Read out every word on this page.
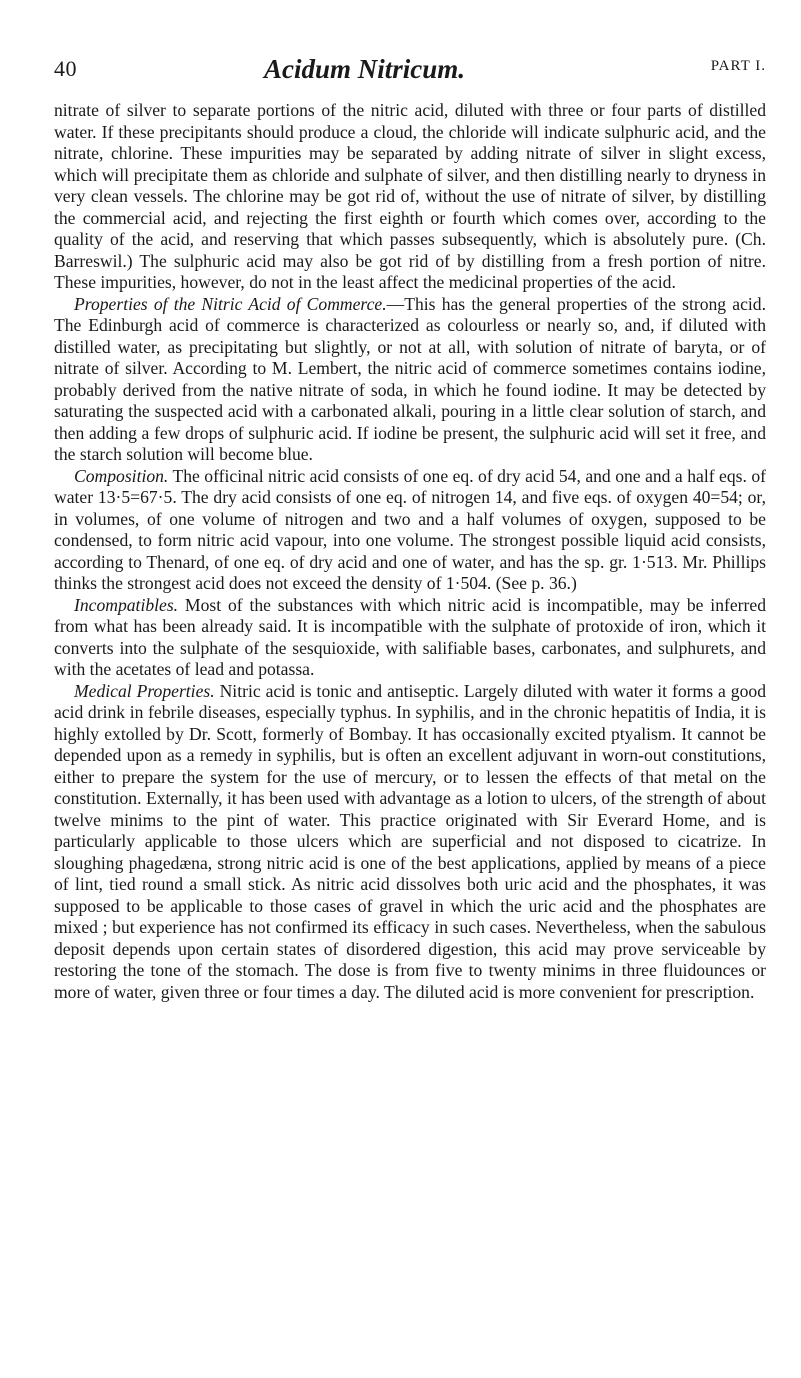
40	Acidum Nitricum.	PART I.

nitrate of silver to separate portions of the nitric acid, diluted with three or four parts of distilled water. If these precipitants should produce a cloud, the chloride will indicate sulphuric acid, and the nitrate, chlorine. These impurities may be separated by adding nitrate of silver in slight excess, which will precipitate them as chloride and sulphate of silver, and then distilling nearly to dryness in very clean vessels. The chlorine may be got rid of, without the use of nitrate of silver, by distilling the commercial acid, and rejecting the first eighth or fourth which comes over, according to the quality of the acid, and reserving that which passes subsequently, which is absolutely pure. (Ch. Barreswil.) The sulphuric acid may also be got rid of by distilling from a fresh portion of nitre. These impurities, however, do not in the least affect the medicinal properties of the acid.

Properties of the Nitric Acid of Commerce.—This has the general properties of the strong acid. The Edinburgh acid of commerce is characterized as colourless or nearly so, and, if diluted with distilled water, as precipitating but slightly, or not at all, with solution of nitrate of baryta, or of nitrate of silver. According to M. Lembert, the nitric acid of commerce sometimes contains iodine, probably derived from the native nitrate of soda, in which he found iodine. It may be detected by saturating the suspected acid with a carbonated alkali, pouring in a little clear solution of starch, and then adding a few drops of sulphuric acid. If iodine be present, the sulphuric acid will set it free, and the starch solution will become blue.

Composition. The officinal nitric acid consists of one eq. of dry acid 54, and one and a half eqs. of water 13·5=67·5. The dry acid consists of one eq. of nitrogen 14, and five eqs. of oxygen 40=54; or, in volumes, of one volume of nitrogen and two and a half volumes of oxygen, supposed to be condensed, to form nitric acid vapour, into one volume. The strongest possible liquid acid consists, according to Thenard, of one eq. of dry acid and one of water, and has the sp. gr. 1·513. Mr. Phillips thinks the strongest acid does not exceed the density of 1·504. (See p. 36.)

Incompatibles. Most of the substances with which nitric acid is incompatible, may be inferred from what has been already said. It is incompatible with the sulphate of protoxide of iron, which it converts into the sulphate of the sesquioxide, with salifiable bases, carbonates, and sulphurets, and with the acetates of lead and potassa.

Medical Properties. Nitric acid is tonic and antiseptic. Largely diluted with water it forms a good acid drink in febrile diseases, especially typhus. In syphilis, and in the chronic hepatitis of India, it is highly extolled by Dr. Scott, formerly of Bombay. It has occasionally excited ptyalism. It cannot be depended upon as a remedy in syphilis, but is often an excellent adjuvant in worn-out constitutions, either to prepare the system for the use of mercury, or to lessen the effects of that metal on the constitution. Externally, it has been used with advantage as a lotion to ulcers, of the strength of about twelve minims to the pint of water. This practice originated with Sir Everard Home, and is particularly applicable to those ulcers which are superficial and not disposed to cicatrize. In sloughing phagedæna, strong nitric acid is one of the best applications, applied by means of a piece of lint, tied round a small stick. As nitric acid dissolves both uric acid and the phosphates, it was supposed to be applicable to those cases of gravel in which the uric acid and the phosphates are mixed ; but experience has not confirmed its efficacy in such cases. Nevertheless, when the sabulous deposit depends upon certain states of disordered digestion, this acid may prove serviceable by restoring the tone of the stomach. The dose is from five to twenty minims in three fluidounces or more of water, given three or four times a day. The diluted acid is more convenient for prescription.
